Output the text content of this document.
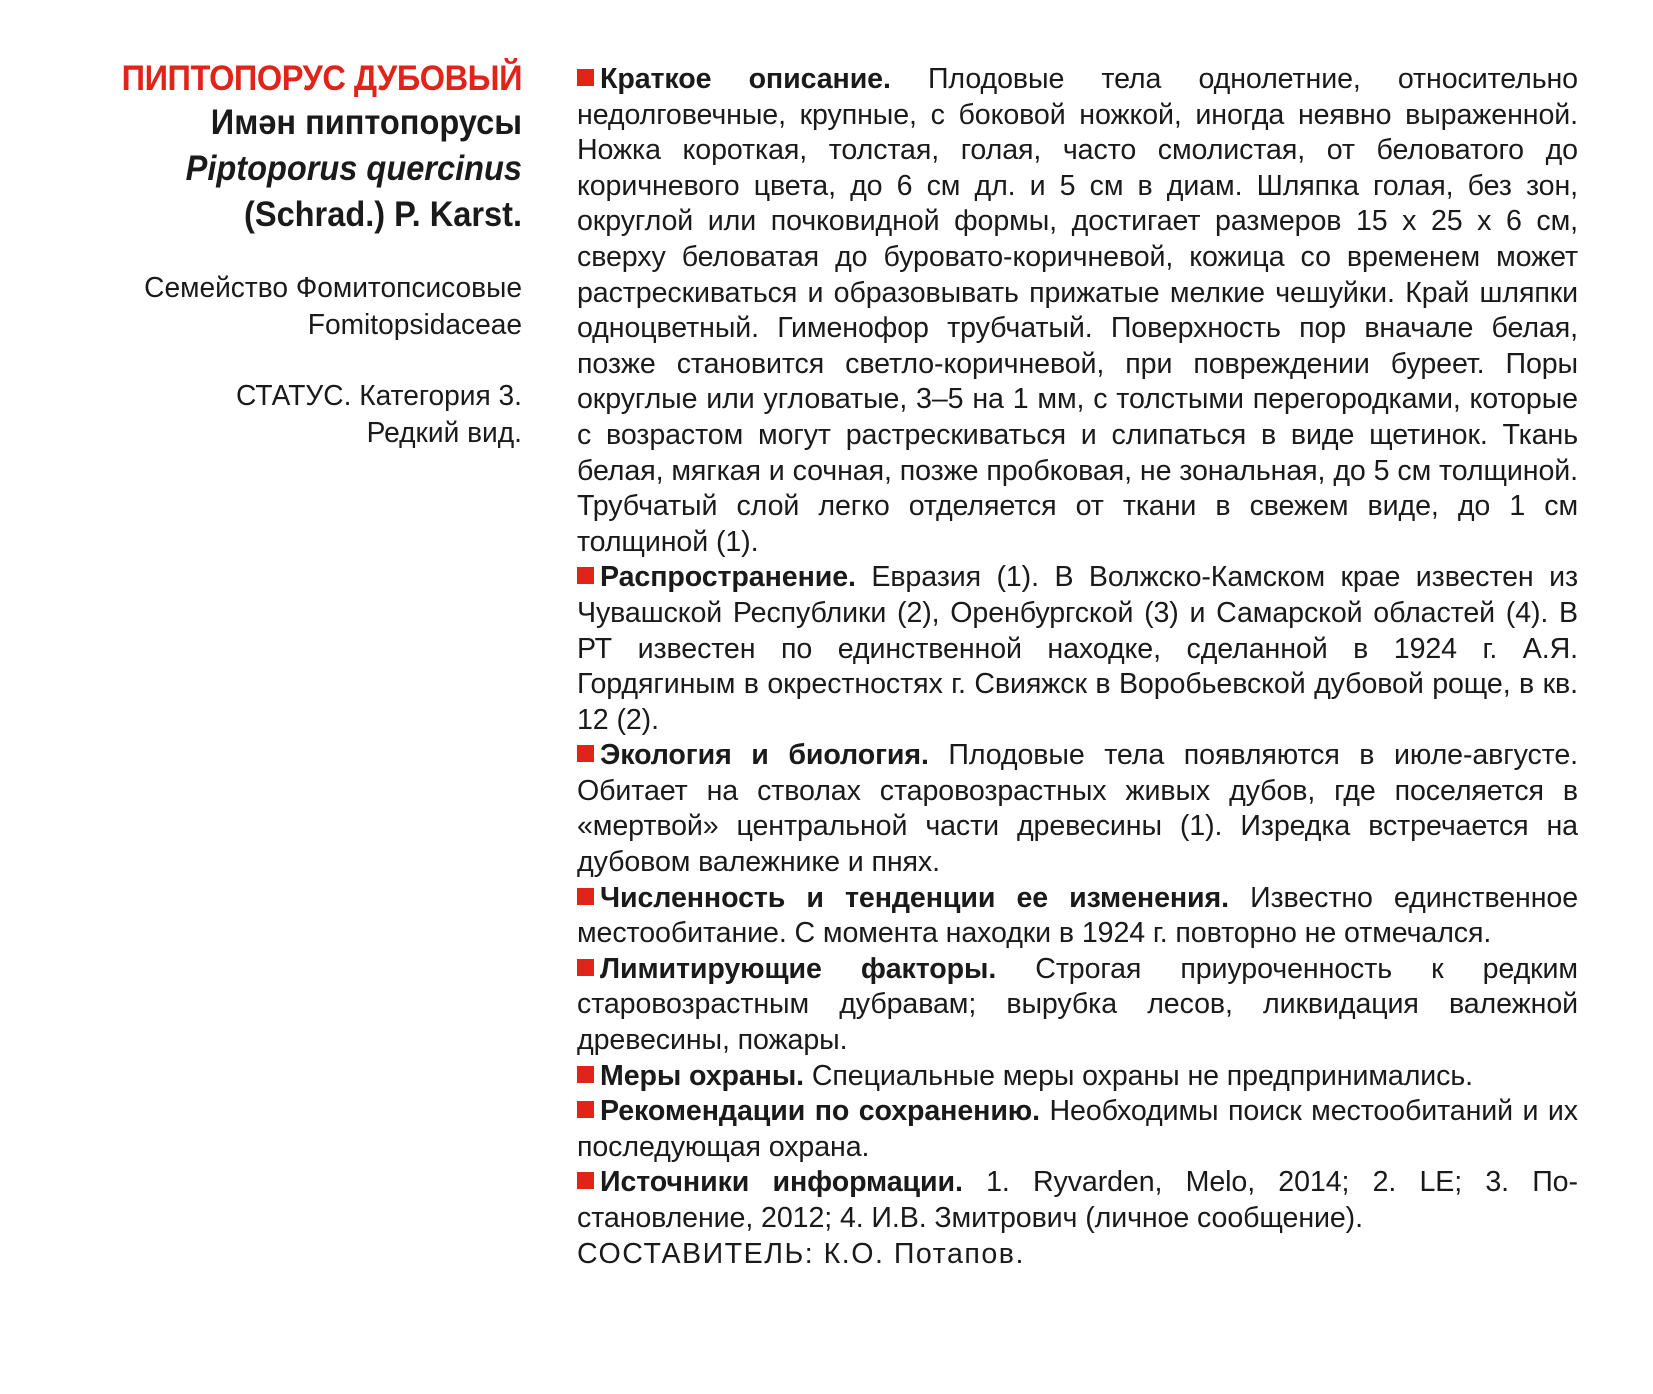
ПИПТОПОРУС ДУБОВЫЙ
Имəн пиптопорусы
Piptoporus quercinus
(Schrad.) P. Karst.
Семейство Фомитопсисовые
Fomitopsidaceae
СТАТУС. Категория 3.
Редкий вид.

Краткое описание. Плодовые тела однолетние, относительно недолговечные, крупные, с боковой ножкой, иногда неявно выраженной. Ножка короткая, толстая, голая, часто смолистая, от беловатого до коричневого цвета, до 6 см дл. и 5 см в диам. Шляпка голая, без зон, округлой или почковидной формы, достигает размеров 15 х 25 х 6 см, сверху беловатая до буровато-коричневой, кожица со временем может растрескиваться и образовывать прижатые мелкие чешуйки. Край шляпки одноцветный. Гименофор трубчатый. Поверхность пор вначале белая, позже становится светло-коричневой, при повреждении буреет. Поры округлые или угловатые, 3–5 на 1 мм, с толстыми перегородками, которые с возрастом могут растрескиваться и слипаться в виде щетинок. Ткань белая, мягкая и сочная, позже пробковая, не зональная, до 5 см толщиной. Трубчатый слой легко отделяется от ткани в свежем виде, до 1 см толщиной (1).

Распространение. Евразия (1). В Волжско-Камском крае известен из Чувашской Республики (2), Оренбургской (3) и Самарской областей (4). В РТ известен по единственной находке, сделанной в 1924 г. А.Я. Гордягиным в окрестностях г. Свияжск в Воробьевской дубовой роще, в кв. 12 (2).

Экология и биология. Плодовые тела появляются в июле-августе. Обитает на стволах старовозрастных живых дубов, где поселяется в «мертвой» центральной части древесины (1). Изредка встречается на дубовом валежнике и пнях.

Численность и тенденции ее изменения. Известно единственное местообитание. С момента находки в 1924 г. повторно не отмечался.

Лимитирующие факторы. Строгая приуроченность к редким старовозрастным дубравам; вырубка лесов, ликвидация валежной древесины, пожары.

Меры охраны. Специальные меры охраны не предпринимались.

Рекомендации по сохранению. Необходимы поиск местообитаний и их последующая охрана.

Источники информации. 1. Ryvarden, Melo, 2014; 2. LE; 3. Постановление, 2012; 4. И.В. Змитрович (личное сообщение).

СОСТАВИТЕЛЬ: К.О. Потапов.
